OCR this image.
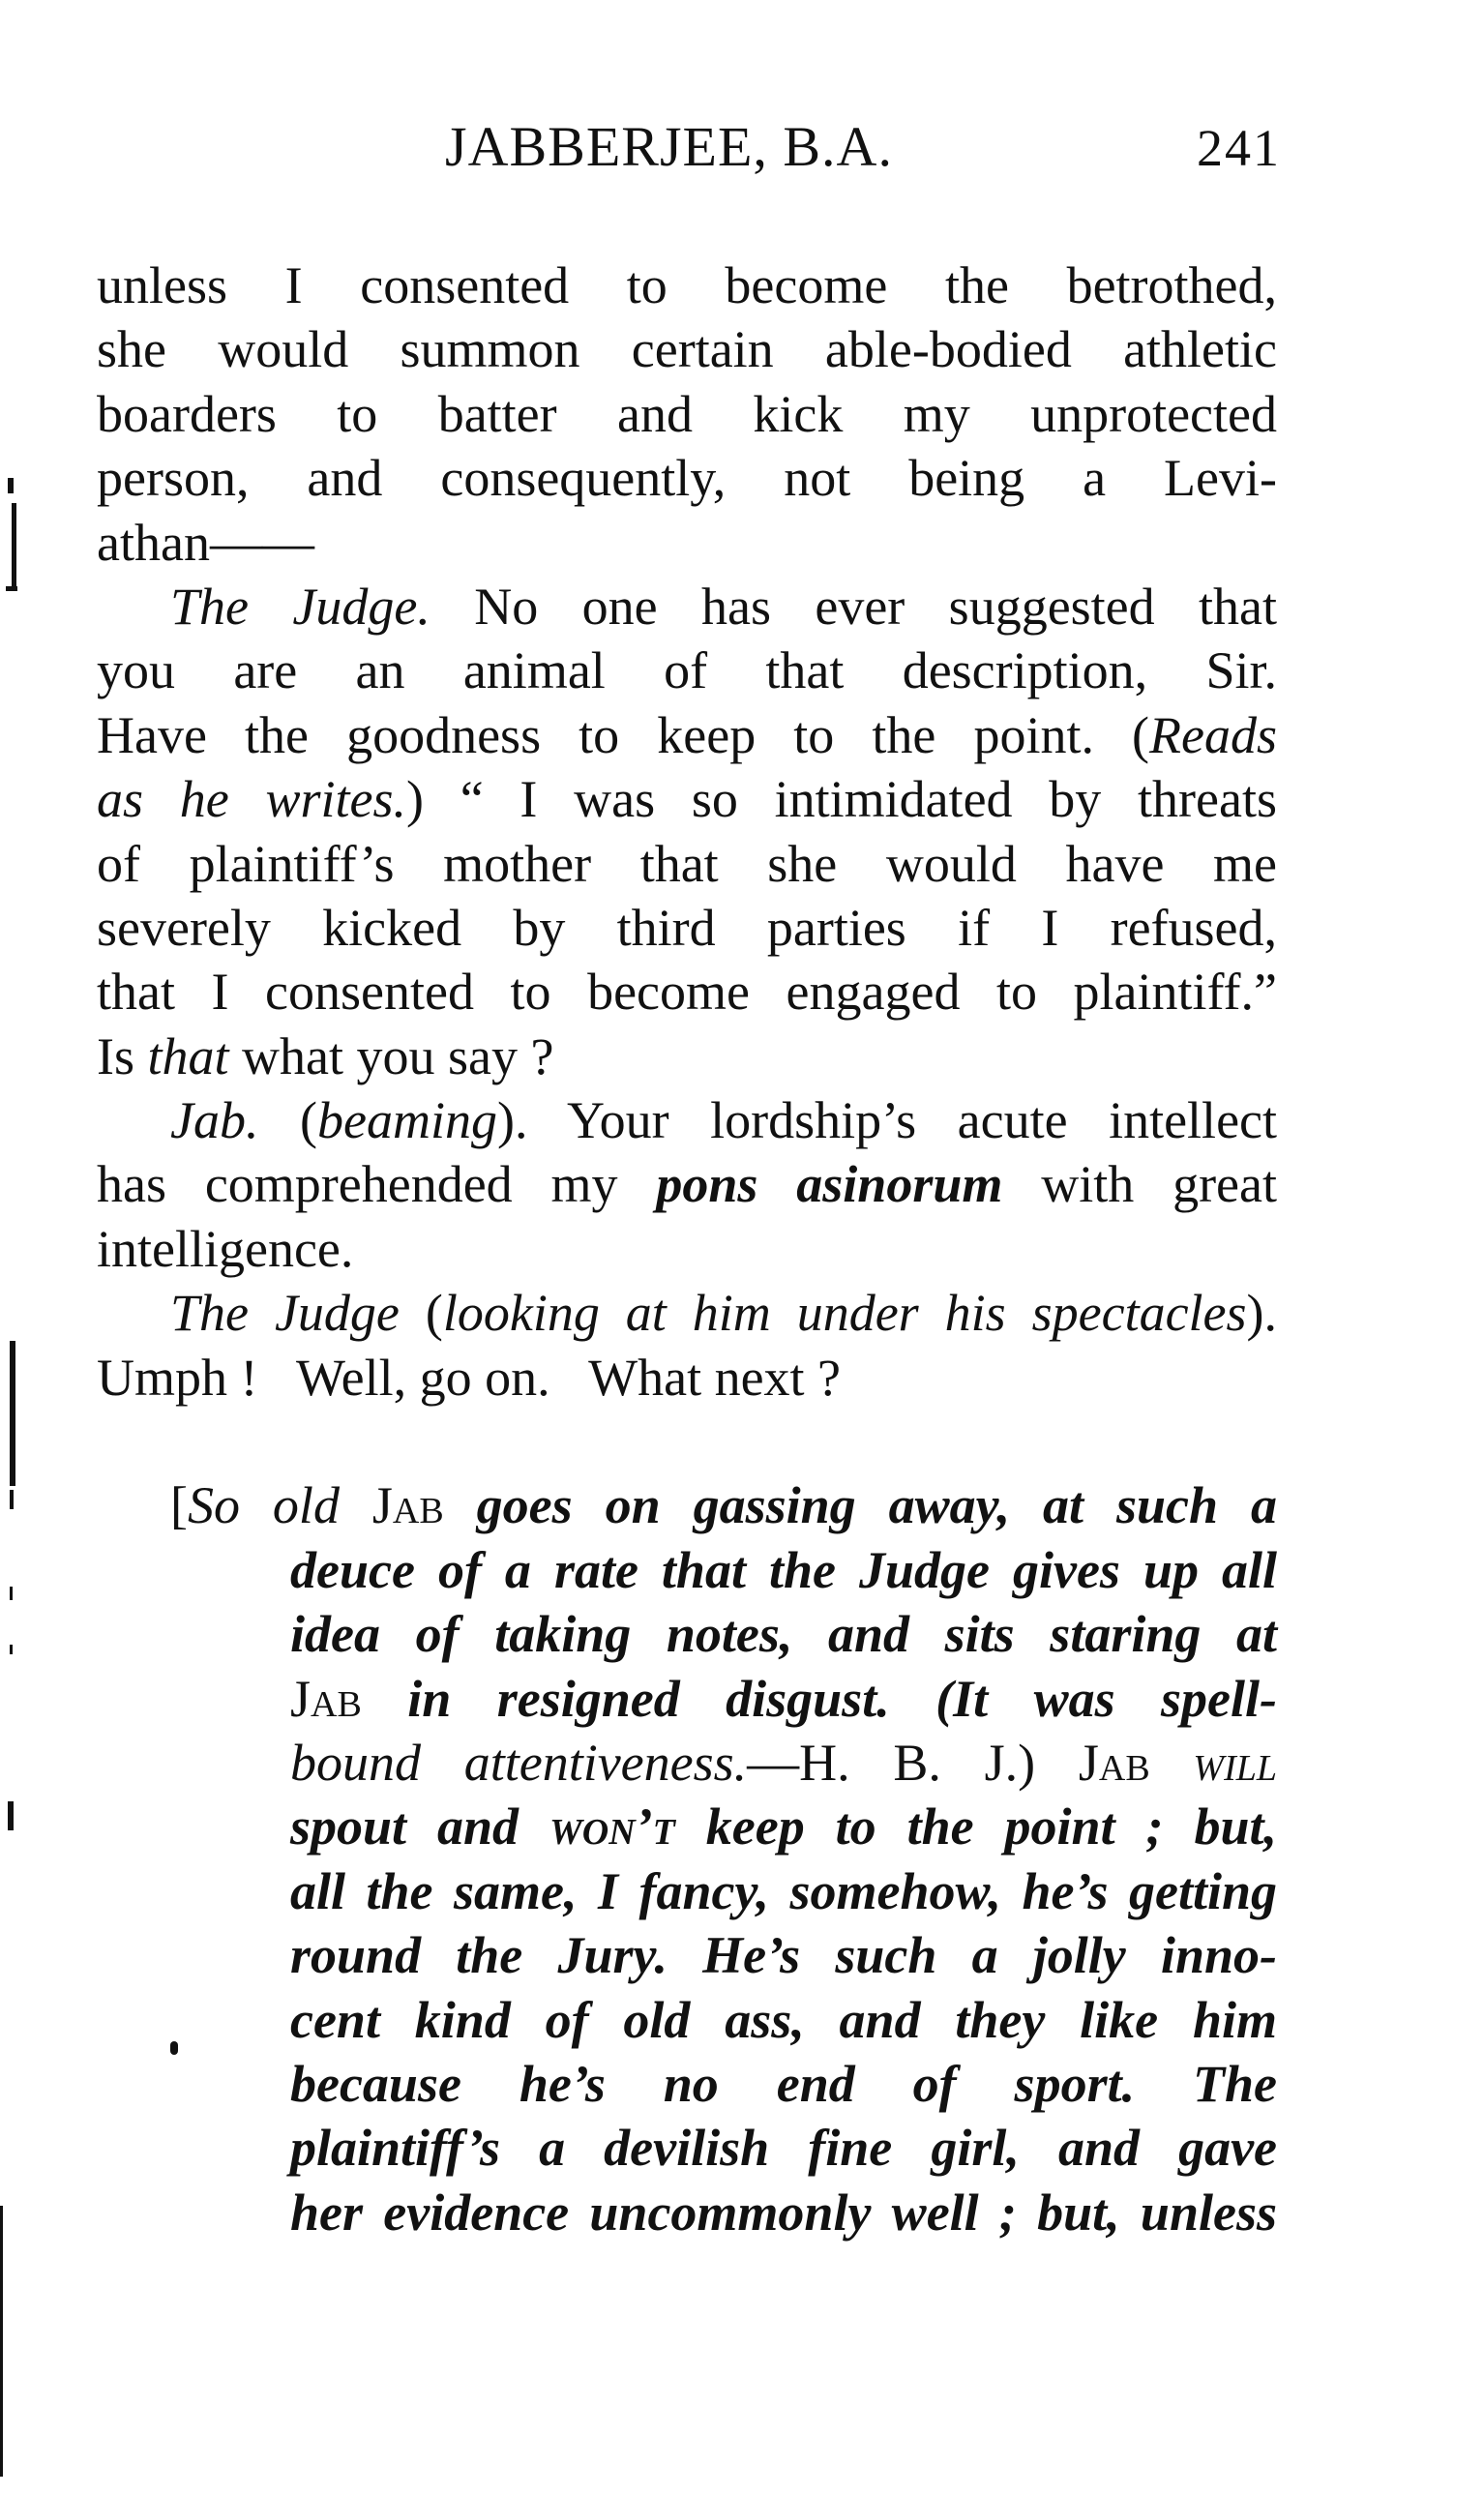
JABBERJEE, B.A.	241
unless I consented to become the betrothed,
she would summon certain able-bodied athletic
boarders to batter and kick my unprotected
person, and consequently, not being a Levi-
athan——
The Judge. No one has ever suggested that
you are an animal of that description, Sir.
Have the goodness to keep to the point. (Reads
as he writes.) “ I was so intimidated by threats
of plaintiff’s mother that she would have me
severely kicked by third parties if I refused,
that I consented to become engaged to plaintiff.”
Is that what you say ?
Jab. (beaming). Your lordship’s acute intellect
has comprehended my pons asinorum with great
intelligence.
The Judge (looking at him under his spectacles).
Umph !   Well, go on.   What next ?
[So old Jab goes on gassing away, at such a
deuce of a rate that the Judge gives up all
idea of taking notes, and sits staring at
Jab in resigned disgust. (It was spell-
bound attentiveness.—H. B. J.) Jab will
spout and won’t keep to the point ; but,
all the same, I fancy, somehow, he’s getting
round the Jury. He’s such a jolly inno-
cent kind of old ass, and they like him
because he’s no end of sport. The
plaintiff’s a devilish fine girl, and gave
her evidence uncommonly well ; but, unless
